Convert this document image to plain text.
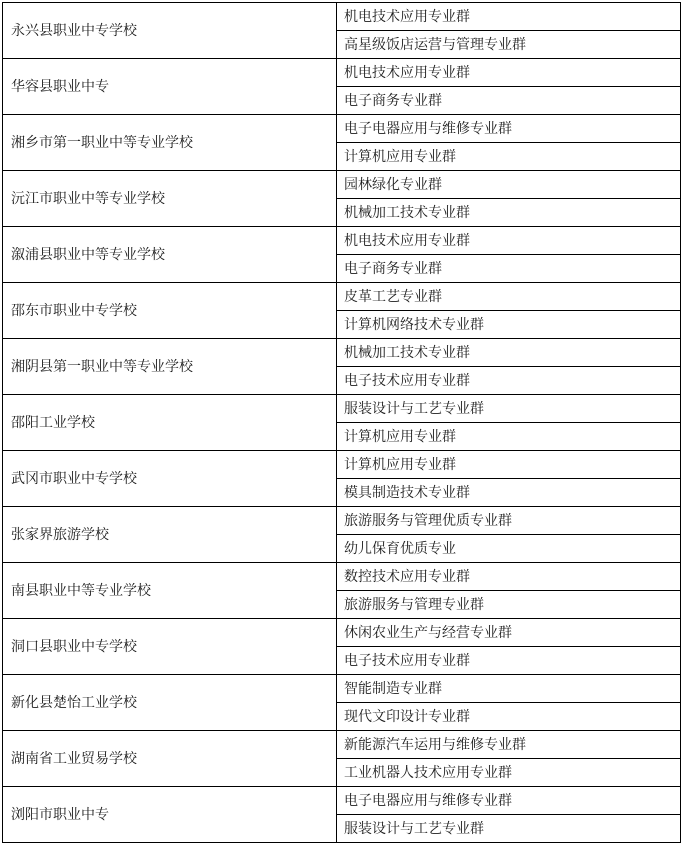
永兴县职业中专学校	机电技术应用专业群
	高星级饭店运营与管理专业群
华容县职业中专	机电技术应用专业群
	电子商务专业群
湘乡市第一职业中等专业学校	电子电器应用与维修专业群
	计算机应用专业群
沅江市职业中等专业学校	园林绿化专业群
	机械加工技术专业群
溆浦县职业中等专业学校	机电技术应用专业群
	电子商务专业群
邵东市职业中专学校	皮革工艺专业群
	计算机网络技术专业群
湘阴县第一职业中等专业学校	机械加工技术专业群
	电子技术应用专业群
邵阳工业学校	服装设计与工艺专业群
	计算机应用专业群
武冈市职业中专学校	计算机应用专业群
	模具制造技术专业群
张家界旅游学校	旅游服务与管理优质专业群
	幼儿保育优质专业
南县职业中等专业学校	数控技术应用专业群
	旅游服务与管理专业群
洞口县职业中专学校	休闲农业生产与经营专业群
	电子技术应用专业群
新化县楚怡工业学校	智能制造专业群
	现代文印设计专业群
湖南省工业贸易学校	新能源汽车运用与维修专业群
	工业机器人技术应用专业群
浏阳市职业中专	电子电器应用与维修专业群
	服装设计与工艺专业群
